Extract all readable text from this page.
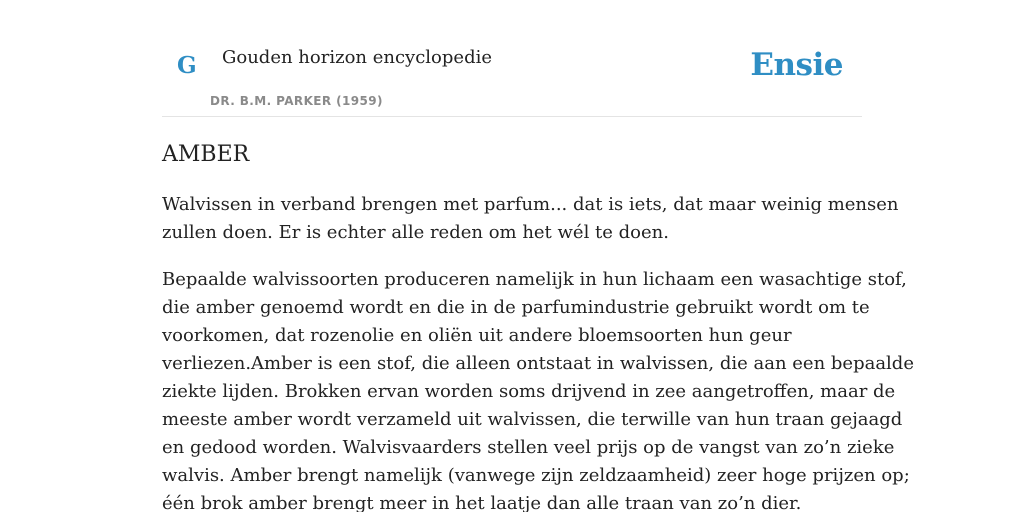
G Gouden horizon encyclopedie
DR. B.M. PARKER (1959)
Ensie
AMBER

Walvissen in verband brengen met parfum... dat is iets, dat maar weinig mensen
zullen doen. Er is echter alle reden om het wél te doen.

Bepaalde walvissoorten produceren namelijk in hun lichaam een wasachtige stof,
die amber genoemd wordt en die in de parfumindustrie gebruikt wordt om te
voorkomen, dat rozenolie en oliën uit andere bloemsoorten hun geur
verliezen.Amber is een stof, die alleen ontstaat in walvissen, die aan een bepaalde
ziekte lijden. Brokken ervan worden soms drijvend in zee aangetroffen, maar de
meeste amber wordt verzameld uit walvissen, die terwille van hun traan gejaagd
en gedood worden. Walvisvaarders stellen veel prijs op de vangst van zo’n zieke
walvis. Amber brengt namelijk (vanwege zijn zeldzaamheid) zeer hoge prijzen op;
één brok amber brengt meer in het laatje dan alle traan van zo’n dier.
